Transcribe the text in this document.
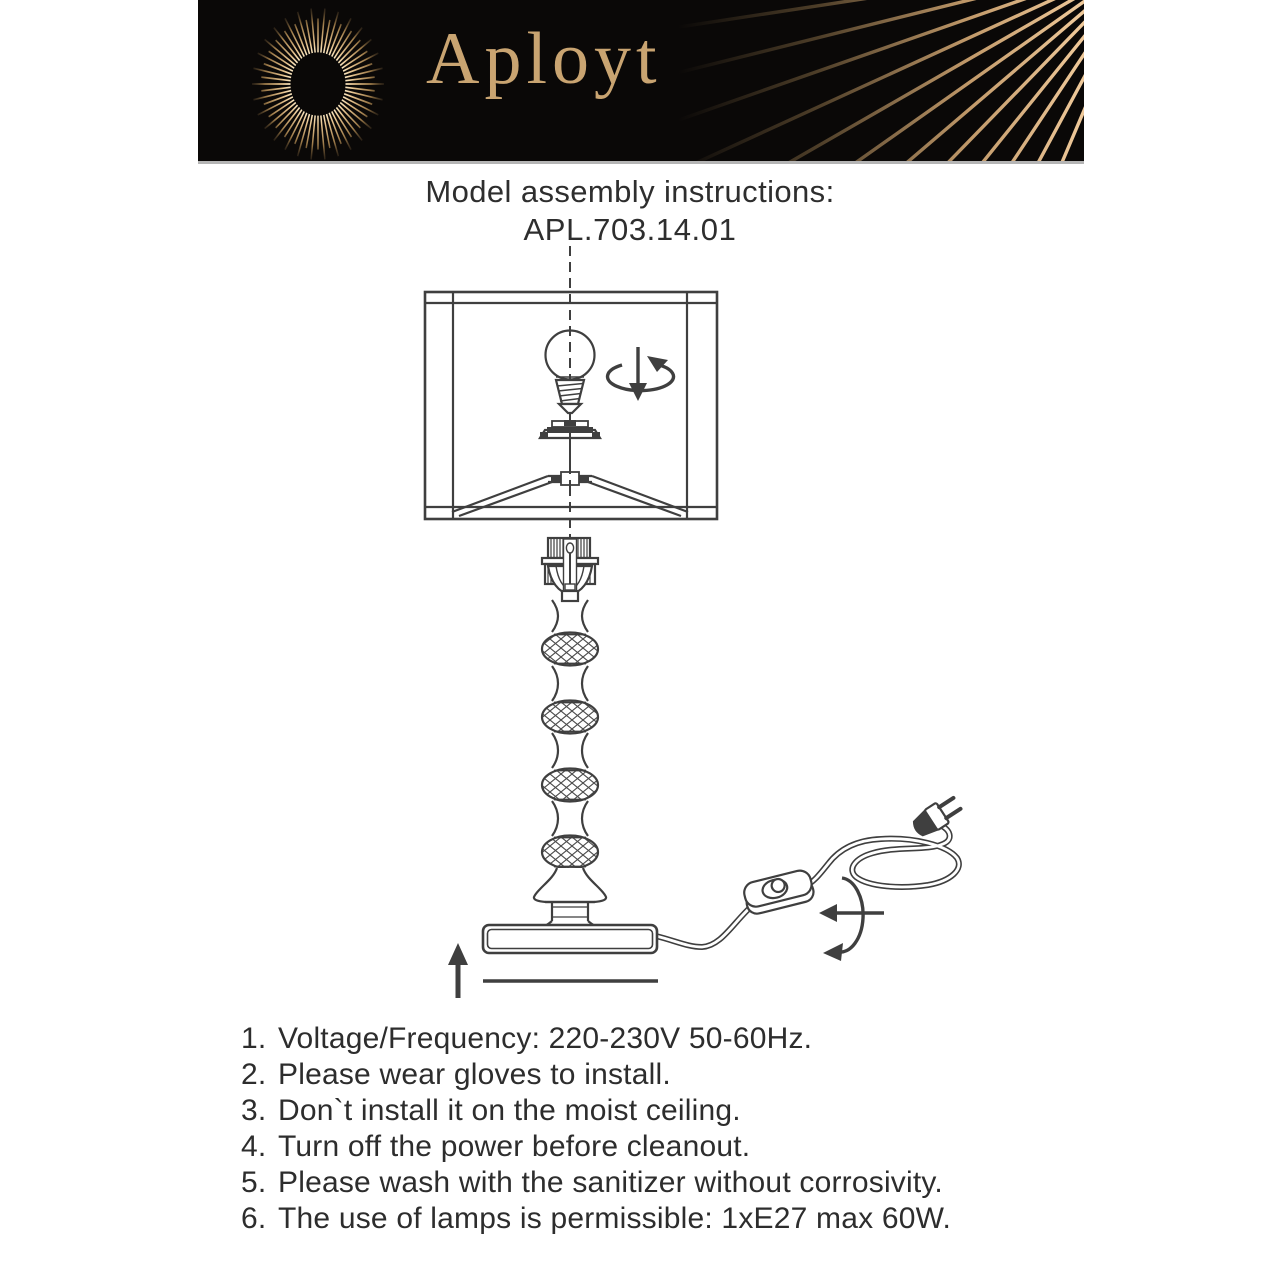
Aployt
Model assembly instructions:
APL.703.14.01
1. Voltage/Frequency: 220-230V 50-60Hz.
2. Please wear gloves to install.
3. Don`t install it on the moist ceiling.
4. Turn off the power before cleanout.
5. Please wash with the sanitizer without corrosivity.
6. The use of lamps is permissible: 1xE27 max 60W.
